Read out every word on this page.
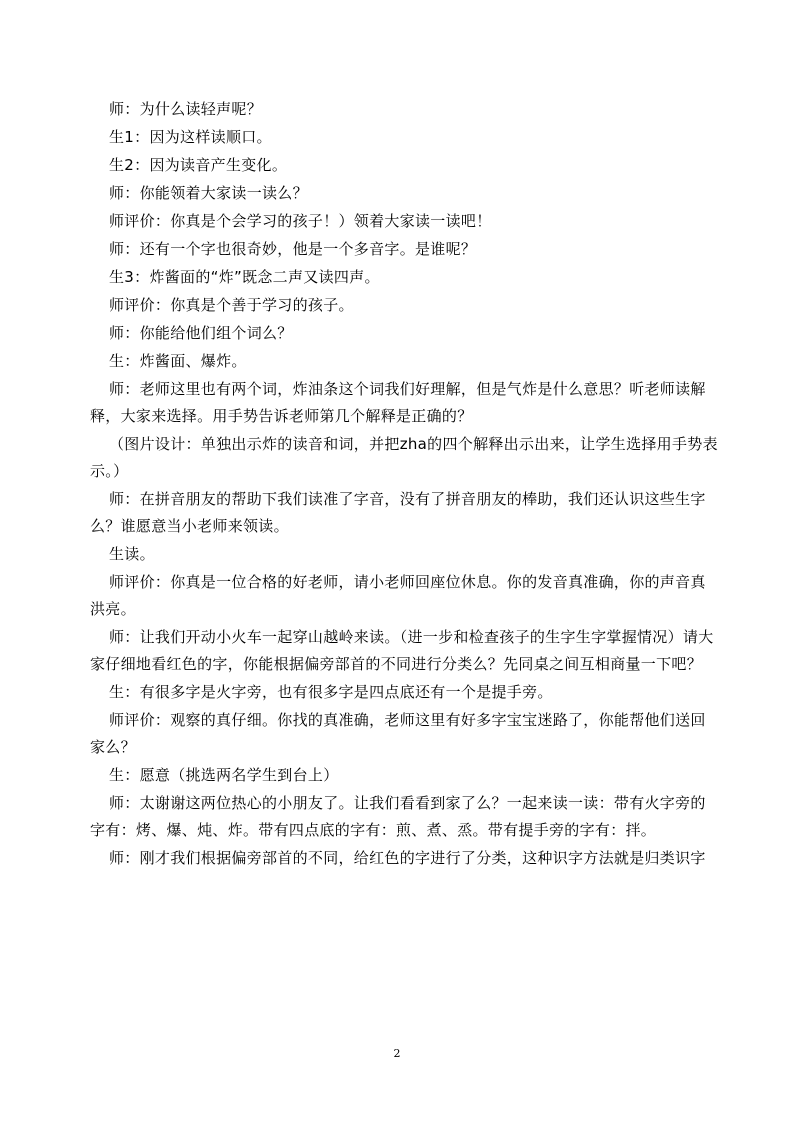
师：为什么读轻声呢？

生1：因为这样读顺口。

生2：因为读音产生变化。

师：你能领着大家读一读么？

师评价：你真是个会学习的孩子！）领着大家读一读吧！

师：还有一个字也很奇妙，他是一个多音字。是谁呢？

生3：炸酱面的“炸”既念二声又读四声。

师评价：你真是个善于学习的孩子。

师：你能给他们组个词么？

生：炸酱面、爆炸。

师：老师这里也有两个词，炸油条这个词我们好理解，但是气炸是什么意思？听老师读解释，大家来选择。用手势告诉老师第几个解释是正确的？

（图片设计：单独出示炸的读音和词，并把zha的四个解释出示出来，让学生选择用手势表示。）

师：在拼音朋友的帮助下我们读准了字音，没有了拼音朋友的棒助，我们还认识这些生字么？谁愿意当小老师来领读。

生读。

师评价：你真是一位合格的好老师，请小老师回座位休息。你的发音真准确，你的声音真洪亮。

师：让我们开动小火车一起穿山越岭来读。（进一步和检查孩子的生字生字掌握情况）请大家仔细地看红色的字，你能根据偏旁部首的不同进行分类么？先同桌之间互相商量一下吧？

生：有很多字是火字旁，也有很多字是四点底还有一个是提手旁。

师评价：观察的真仔细。你找的真准确，老师这里有好多字宝宝迷路了，你能帮他们送回家么？

生：愿意（挑选两名学生到台上）

师：太谢谢这两位热心的小朋友了。让我们看看到家了么？一起来读一读：带有火字旁的字有：烤、爆、炖、炸。带有四点底的字有：煎、煮、烝。带有提手旁的字有：拌。

师：刚才我们根据偏旁部首的不同，给红色的字进行了分类，这种识字方法就是归类识字

2
